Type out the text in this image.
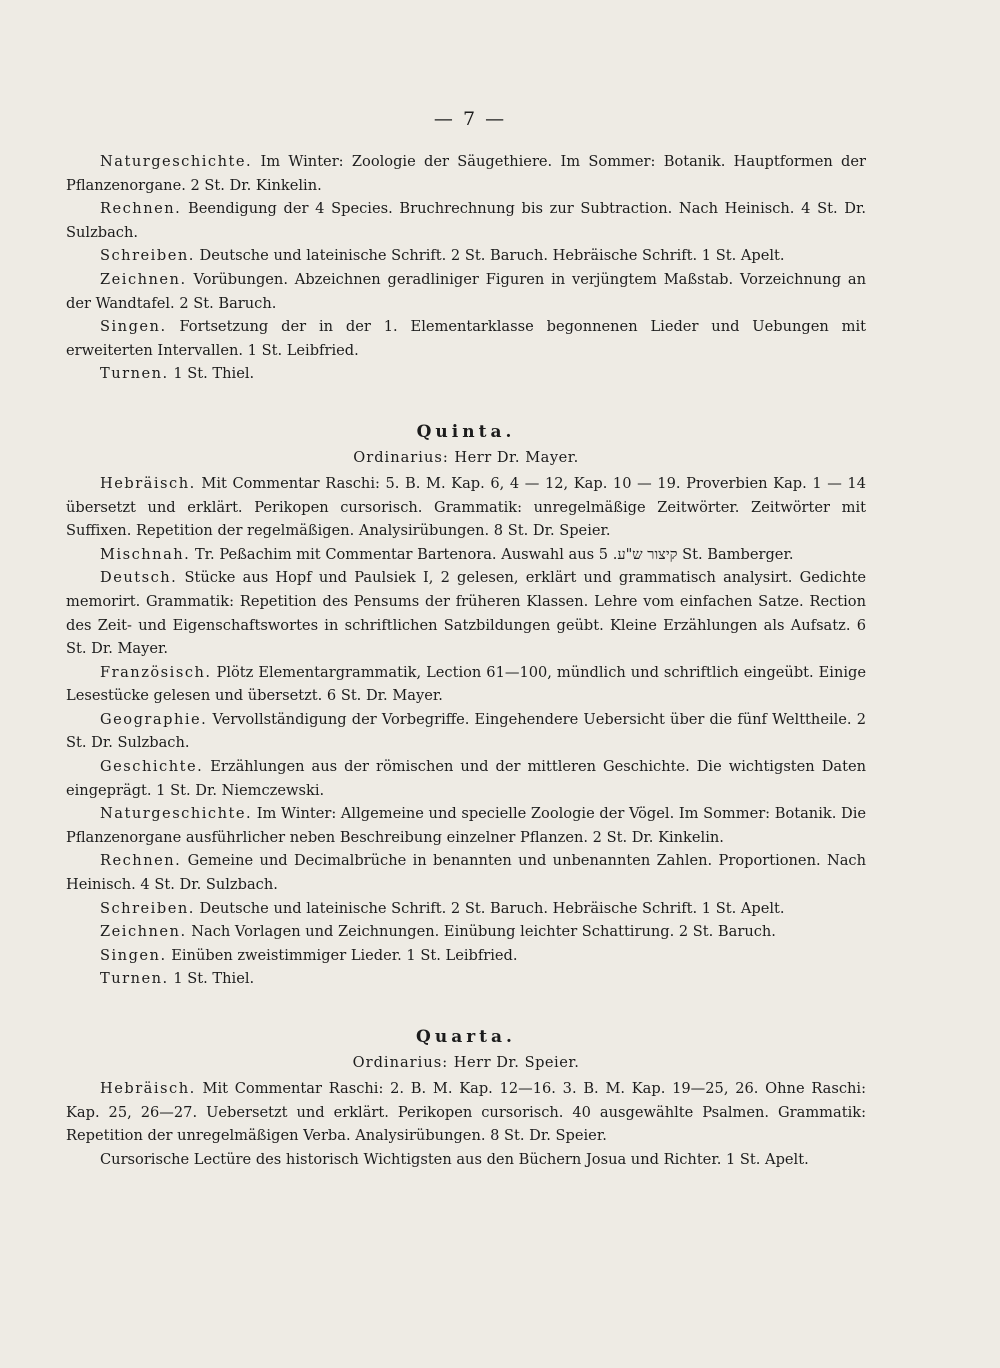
— 7 —

Naturgeschichte. Im Winter: Zoologie der Säugethiere. Im Sommer: Botanik. Hauptformen der Pflanzenorgane. 2 St. Dr. Kinkelin.

Rechnen. Beendigung der 4 Species. Bruchrechnung bis zur Subtraction. Nach Heinisch. 4 St. Dr. Sulzbach.

Schreiben. Deutsche und lateinische Schrift. 2 St. Baruch. Hebräische Schrift. 1 St. Apelt.

Zeichnen. Vorübungen. Abzeichnen geradliniger Figuren in verjüngtem Maßstab. Vorzeichnung an der Wandtafel. 2 St. Baruch.

Singen. Fortsetzung der in der 1. Elementarklasse begonnenen Lieder und Uebungen mit erweiterten Intervallen. 1 St. Leibfried.

Turnen. 1 St. Thiel.

Quinta.

Ordinarius: Herr Dr. Mayer.

Hebräisch. Mit Commentar Raschi: 5. B. M. Kap. 6, 4 — 12, Kap. 10 — 19. Proverbien Kap. 1 — 14 übersetzt und erklärt. Perikopen cursorisch. Grammatik: unregelmäßige Zeitwörter. Zeitwörter mit Suffixen. Repetition der regelmäßigen. Analysirübungen. 8 St. Dr. Speier.

Mischnah. Tr. Peßachim mit Commentar Bartenora. Auswahl aus קיצור ש"ע. 5 St. Bamberger.

Deutsch. Stücke aus Hopf und Paulsiek I, 2 gelesen, erklärt und grammatisch analysirt. Gedichte memorirt. Grammatik: Repetition des Pensums der früheren Klassen. Lehre vom einfachen Satze. Rection des Zeit- und Eigenschaftswortes in schriftlichen Satzbildungen geübt. Kleine Erzählungen als Aufsatz. 6 St. Dr. Mayer.

Französisch. Plötz Elementargrammatik, Lection 61—100, mündlich und schriftlich eingeübt. Einige Lesestücke gelesen und übersetzt. 6 St. Dr. Mayer.

Geographie. Vervollständigung der Vorbegriffe. Eingehendere Uebersicht über die fünf Welttheile. 2 St. Dr. Sulzbach.

Geschichte. Erzählungen aus der römischen und der mittleren Geschichte. Die wichtigsten Daten eingeprägt. 1 St. Dr. Niemczewski.

Naturgeschichte. Im Winter: Allgemeine und specielle Zoologie der Vögel. Im Sommer: Botanik. Die Pflanzenorgane ausführlicher neben Beschreibung einzelner Pflanzen. 2 St. Dr. Kinkelin.

Rechnen. Gemeine und Decimalbrüche in benannten und unbenannten Zahlen. Proportionen. Nach Heinisch. 4 St. Dr. Sulzbach.

Schreiben. Deutsche und lateinische Schrift. 2 St. Baruch. Hebräische Schrift. 1 St. Apelt.

Zeichnen. Nach Vorlagen und Zeichnungen. Einübung leichter Schattirung. 2 St. Baruch.

Singen. Einüben zweistimmiger Lieder. 1 St. Leibfried.

Turnen. 1 St. Thiel.

Quarta.

Ordinarius: Herr Dr. Speier.

Hebräisch. Mit Commentar Raschi: 2. B. M. Kap. 12—16. 3. B. M. Kap. 19—25, 26. Ohne Raschi: Kap. 25, 26—27. Uebersetzt und erklärt. Perikopen cursorisch. 40 ausgewählte Psalmen. Grammatik: Repetition der unregelmäßigen Verba. Analysirübungen. 8 St. Dr. Speier.

Cursorische Lectüre des historisch Wichtigsten aus den Büchern Josua und Richter. 1 St. Apelt.
